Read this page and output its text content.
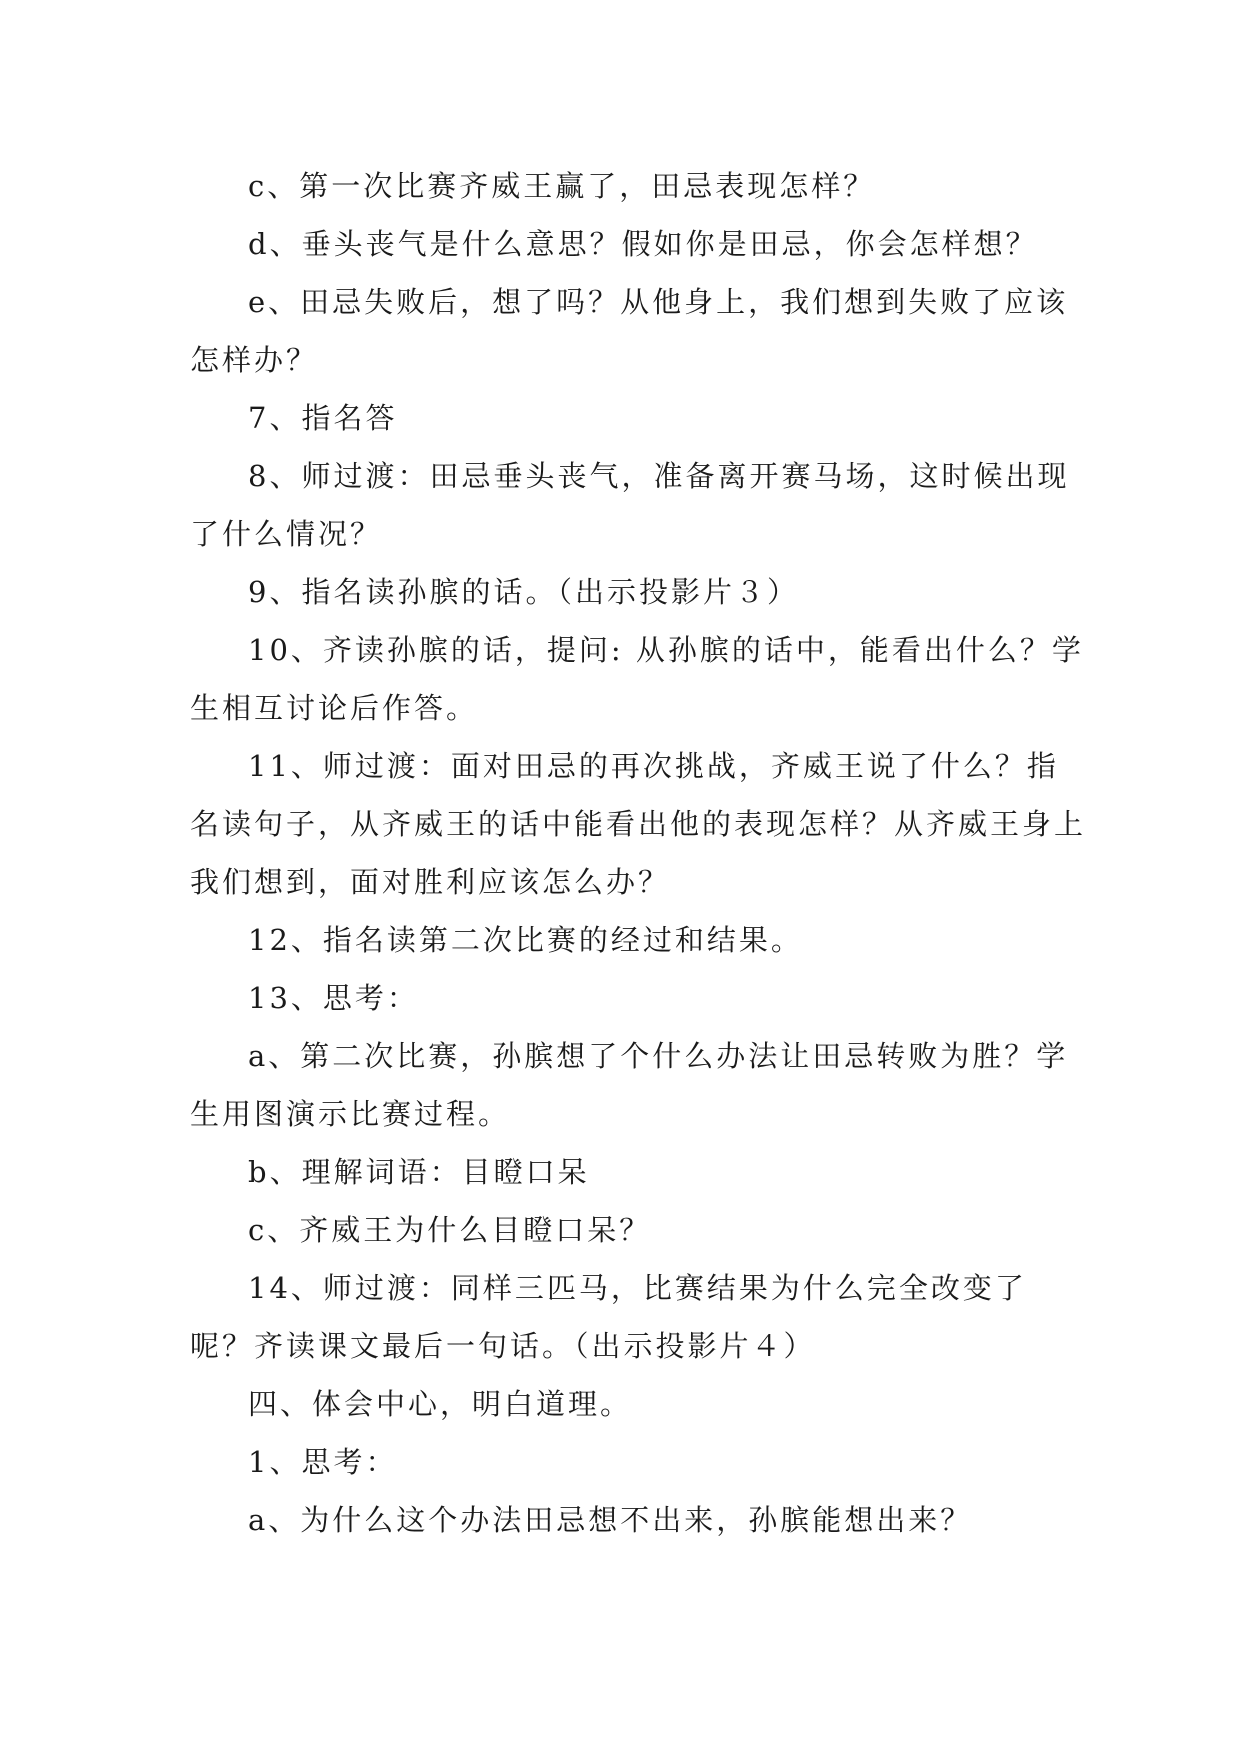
c、第一次比赛齐威王赢了，田忌表现怎样？

d、垂头丧气是什么意思？假如你是田忌，你会怎样想？

e、田忌失败后，想了吗？从他身上，我们想到失败了应该怎样办？

7、指名答

8、师过渡：田忌垂头丧气，准备离开赛马场，这时候出现了什么情况？

9、指名读孙膑的话。（出示投影片３）

10、齐读孙膑的话，提问: 从孙膑的话中，能看出什么？学生相互讨论后作答。

11、师过渡：面对田忌的再次挑战，齐威王说了什么？指名读句子，从齐威王的话中能看出他的表现怎样？从齐威王身上我们想到，面对胜利应该怎么办？

12、指名读第二次比赛的经过和结果。

13、思考：

a、第二次比赛，孙膑想了个什么办法让田忌转败为胜？学生用图演示比赛过程。

b、理解词语：目瞪口呆

c、齐威王为什么目瞪口呆？

14、师过渡：同样三匹马，比赛结果为什么完全改变了呢？齐读课文最后一句话。（出示投影片４）

四、体会中心，明白道理。

1、思考：

a、为什么这个办法田忌想不出来，孙膑能想出来？
